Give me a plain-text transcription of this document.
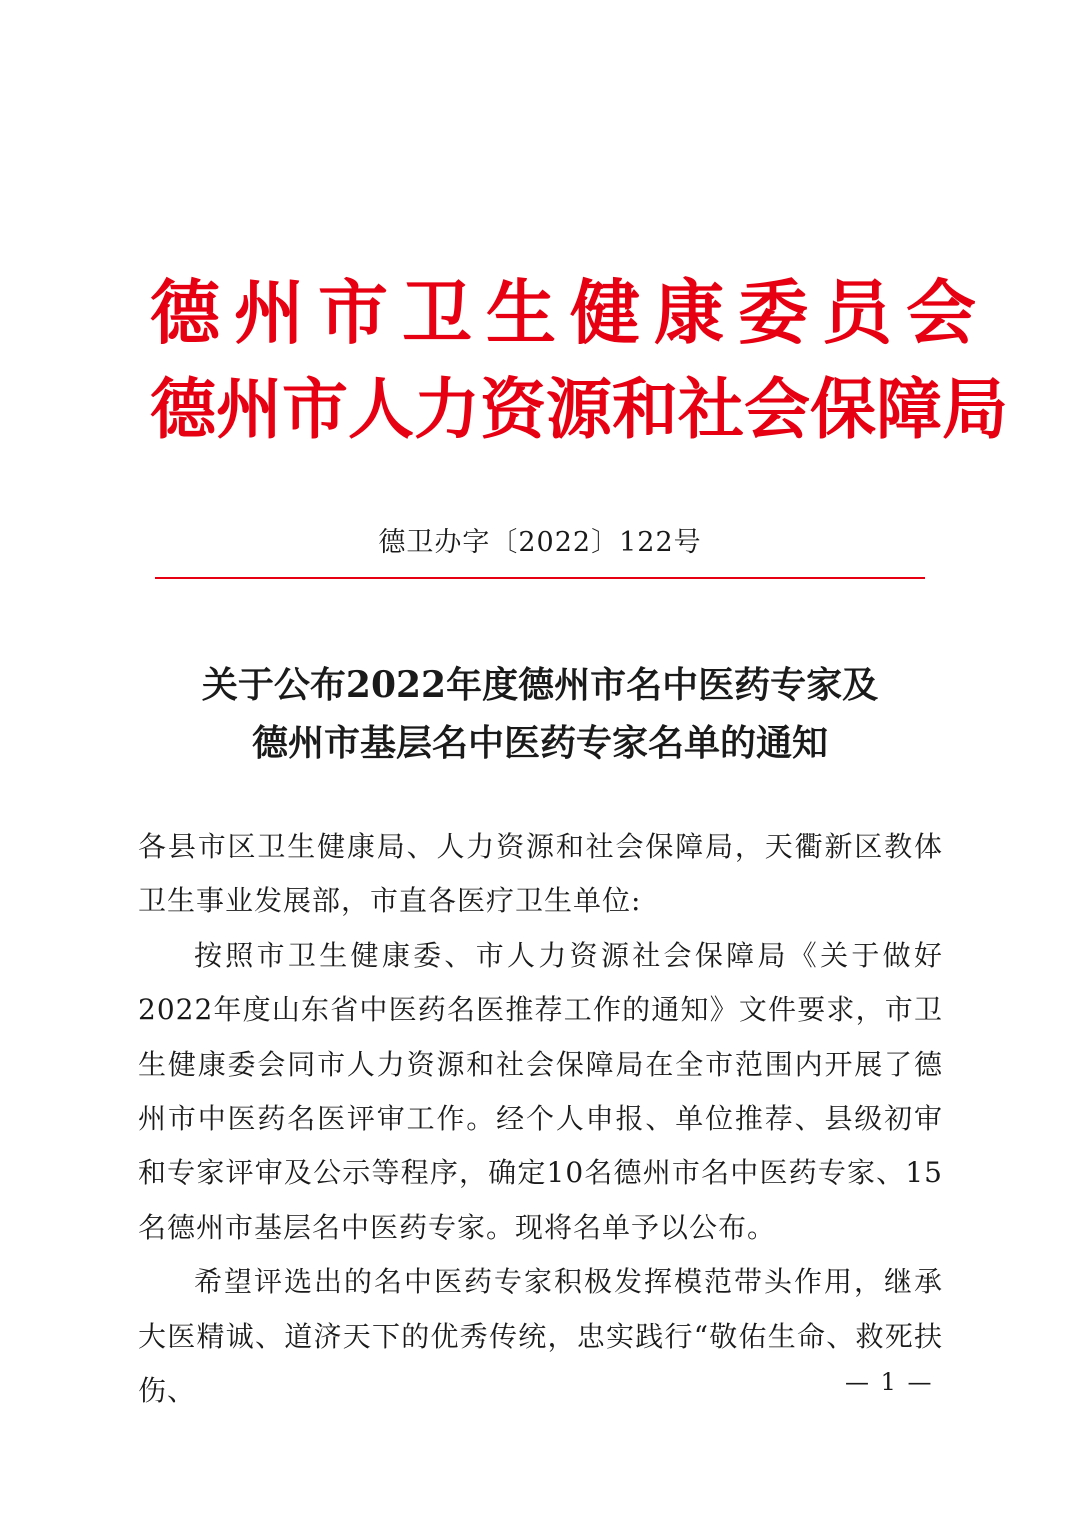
德州市卫生健康委员会
德州市人力资源和社会保障局
德卫办字〔2022〕122号
关于公布2022年度德州市名中医药专家及
德州市基层名中医药专家名单的通知

各县市区卫生健康局、人力资源和社会保障局，天衢新区教体卫生事业发展部，市直各医疗卫生单位:

按照市卫生健康委、市人力资源社会保障局《关于做好2022年度山东省中医药名医推荐工作的通知》文件要求，市卫生健康委会同市人力资源和社会保障局在全市范围内开展了德州市中医药名医评审工作。经个人申报、单位推荐、县级初审和专家评审及公示等程序，确定10名德州市名中医药专家、15名德州市基层名中医药专家。现将名单予以公布。

希望评选出的名中医药专家积极发挥模范带头作用，继承大医精诚、道济天下的优秀传统，忠实践行“敬佑生命、救死扶伤、	— 1 —
